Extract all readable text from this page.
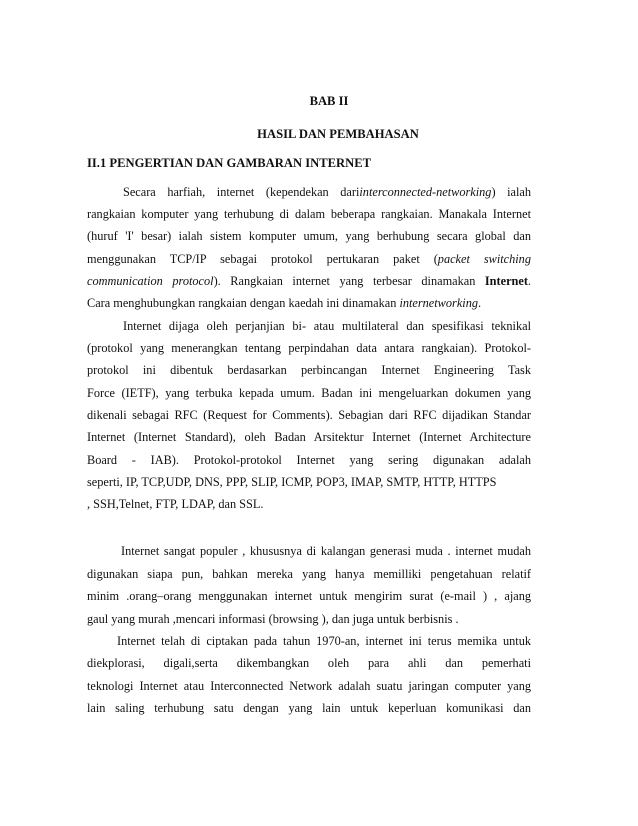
BAB II
HASIL DAN PEMBAHASAN
II.1 PENGERTIAN DAN GAMBARAN INTERNET
Secara harfiah, internet (kependekan dariinterconnected-networking) ialah
rangkaian komputer yang terhubung di dalam beberapa rangkaian. Manakala Internet
(huruf 'I' besar) ialah sistem komputer umum, yang berhubung secara global dan
menggunakan TCP/IP sebagai protokol pertukaran paket (packet switching
communication protocol). Rangkaian internet yang terbesar dinamakan Internet.
Cara menghubungkan rangkaian dengan kaedah ini dinamakan internetworking.
Internet dijaga oleh perjanjian bi- atau multilateral dan spesifikasi teknikal
(protokol yang menerangkan tentang perpindahan data antara rangkaian). Protokol-
protokol ini dibentuk berdasarkan perbincangan Internet Engineering Task
Force (IETF), yang terbuka kepada umum. Badan ini mengeluarkan dokumen yang
dikenali sebagai RFC (Request for Comments). Sebagian dari RFC dijadikan Standar
Internet (Internet Standard), oleh Badan Arsitektur Internet (Internet Architecture
Board - IAB). Protokol-protokol Internet yang sering digunakan adalah
seperti, IP, TCP,UDP, DNS, PPP, SLIP, ICMP, POP3, IMAP, SMTP, HTTP, HTTPS
, SSH,Telnet, FTP, LDAP, dan SSL.
Internet sangat populer , khususnya di kalangan generasi muda . internet mudah
digunakan siapa pun, bahkan mereka yang hanya memilliki pengetahuan relatif
minim .orang–orang menggunakan internet untuk mengirim surat (e-mail ) , ajang
gaul yang murah ,mencari informasi (browsing ), dan juga untuk berbisnis .
Internet telah di ciptakan pada tahun 1970-an, internet ini terus memika untuk
diekplorasi, digali,serta dikembangkan oleh para ahli dan pemerhati
teknologi Internet atau Interconnected Network adalah suatu jaringan computer yang
lain saling terhubung satu dengan yang lain untuk keperluan komunikasi dan
